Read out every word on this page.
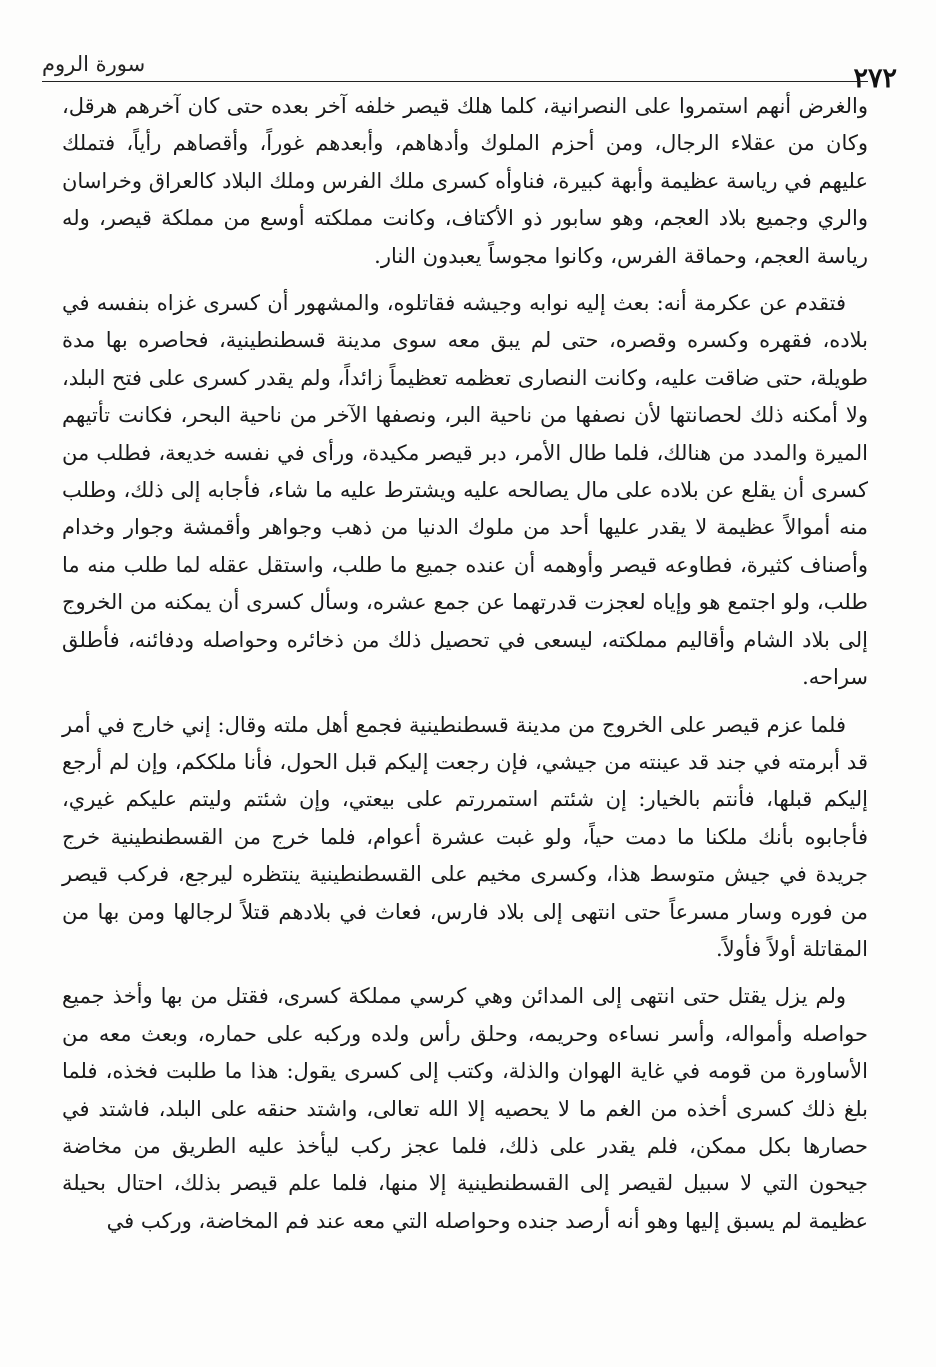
سورة الروم	٢٧٢

والغرض أنهم استمروا على النصرانية، كلما هلك قيصر خلفه آخر بعده حتى كان آخرهم هرقل، وكان من عقلاء الرجال، ومن أحزم الملوك وأدهاهم، وأبعدهم غوراً، وأقصاهم رأياً، فتملك عليهم في رياسة عظيمة وأبهة كبيرة، فناوأه كسرى ملك الفرس وملك البلاد كالعراق وخراسان والري وجميع بلاد العجم، وهو سابور ذو الأكتاف، وكانت مملكته أوسع من مملكة قيصر، وله رياسة العجم، وحماقة الفرس، وكانوا مجوساً يعبدون النار.

فتقدم عن عكرمة أنه: بعث إليه نوابه وجيشه فقاتلوه، والمشهور أن كسرى غزاه بنفسه في بلاده، فقهره وكسره وقصره، حتى لم يبق معه سوى مدينة قسطنطينية، فحاصره بها مدة طويلة، حتى ضاقت عليه، وكانت النصارى تعظمه تعظيماً زائداً، ولم يقدر كسرى على فتح البلد، ولا أمكنه ذلك لحصانتها لأن نصفها من ناحية البر، ونصفها الآخر من ناحية البحر، فكانت تأتيهم الميرة والمدد من هنالك، فلما طال الأمر، دبر قيصر مكيدة، ورأى في نفسه خديعة، فطلب من كسرى أن يقلع عن بلاده على مال يصالحه عليه ويشترط عليه ما شاء، فأجابه إلى ذلك، وطلب منه أموالاً عظيمة لا يقدر عليها أحد من ملوك الدنيا من ذهب وجواهر وأقمشة وجوار وخدام وأصناف كثيرة، فطاوعه قيصر وأوهمه أن عنده جميع ما طلب، واستقل عقله لما طلب منه ما طلب، ولو اجتمع هو وإياه لعجزت قدرتهما عن جمع عشره، وسأل كسرى أن يمكنه من الخروج إلى بلاد الشام وأقاليم مملكته، ليسعى في تحصيل ذلك من ذخائره وحواصله ودفائنه، فأطلق سراحه.

فلما عزم قيصر على الخروج من مدينة قسطنطينية فجمع أهل ملته وقال: إني خارج في أمر قد أبرمته في جند قد عينته من جيشي، فإن رجعت إليكم قبل الحول، فأنا ملككم، وإن لم أرجع إليكم قبلها، فأنتم بالخيار: إن شئتم استمررتم على بيعتي، وإن شئتم وليتم عليكم غيري، فأجابوه بأنك ملكنا ما دمت حياً، ولو غبت عشرة أعوام، فلما خرج من القسطنطينية خرج جريدة في جيش متوسط هذا، وكسرى مخيم على القسطنطينية ينتظره ليرجع، فركب قيصر من فوره وسار مسرعاً حتى انتهى إلى بلاد فارس، فعاث في بلادهم قتلاً لرجالها ومن بها من المقاتلة أولاً فأولاً.

ولم يزل يقتل حتى انتهى إلى المدائن وهي كرسي مملكة كسرى، فقتل من بها وأخذ جميع حواصله وأمواله، وأسر نساءه وحريمه، وحلق رأس ولده وركبه على حماره، وبعث معه من الأساورة من قومه في غاية الهوان والذلة، وكتب إلى كسرى يقول: هذا ما طلبت فخذه، فلما بلغ ذلك كسرى أخذه من الغم ما لا يحصيه إلا الله تعالى، واشتد حنقه على البلد، فاشتد في حصارها بكل ممكن، فلم يقدر على ذلك، فلما عجز ركب ليأخذ عليه الطريق من مخاضة جيحون التي لا سبيل لقيصر إلى القسطنطينية إلا منها، فلما علم قيصر بذلك، احتال بحيلة عظيمة لم يسبق إليها وهو أنه أرصد جنده وحواصله التي معه عند فم المخاضة، وركب في
